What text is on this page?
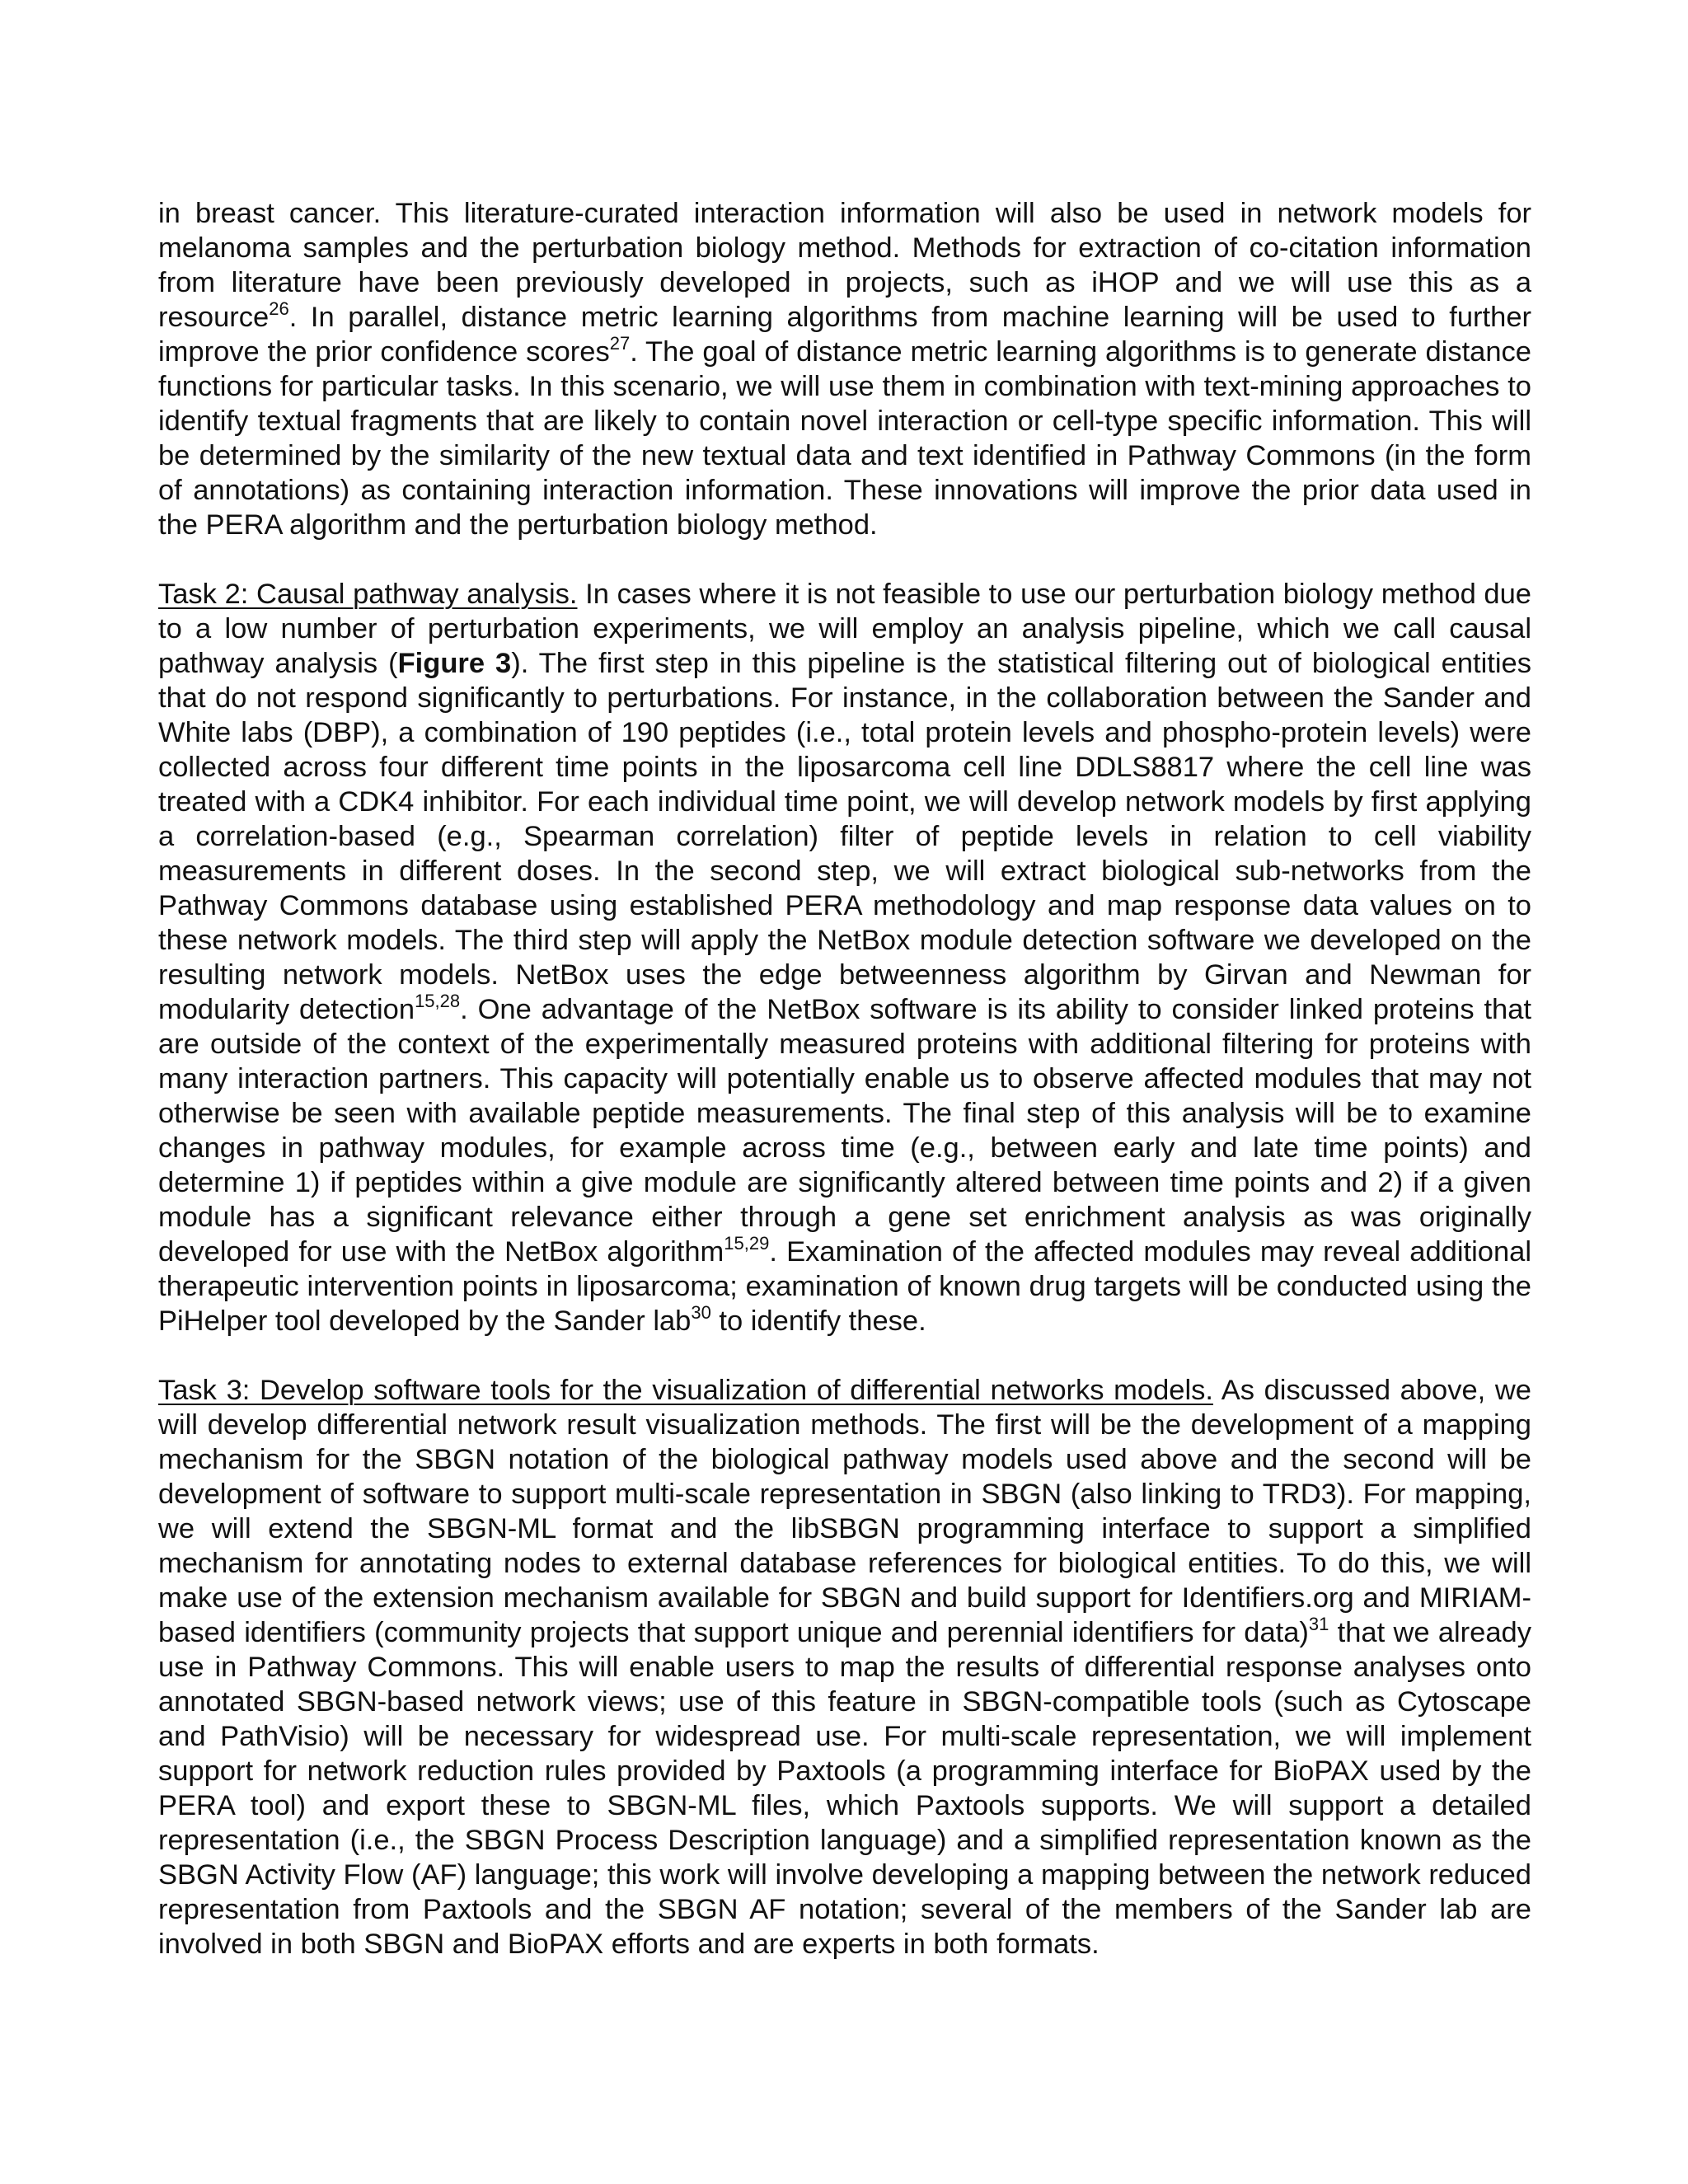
in breast cancer. This literature-curated interaction information will also be used in network models for melanoma samples and the perturbation biology method. Methods for extraction of co-citation information from literature have been previously developed in projects, such as iHOP and we will use this as a resource$^{26}$. In parallel, distance metric learning algorithms from machine learning will be used to further improve the prior confidence scores$^{27}$. The goal of distance metric learning algorithms is to generate distance functions for particular tasks. In this scenario, we will use them in combination with text-mining approaches to identify textual fragments that are likely to contain novel interaction or cell-type specific information. This will be determined by the similarity of the new textual data and text identified in Pathway Commons (in the form of annotations) as containing interaction information. These innovations will improve the prior data used in the PERA algorithm and the perturbation biology method.

Task 2: Causal pathway analysis. In cases where it is not feasible to use our perturbation biology method due to a low number of perturbation experiments, we will employ an analysis pipeline, which we call causal pathway analysis (Figure 3). The first step in this pipeline is the statistical filtering out of biological entities that do not respond significantly to perturbations. For instance, in the collaboration between the Sander and White labs (DBP), a combination of 190 peptides (i.e., total protein levels and phospho-protein levels) were collected across four different time points in the liposarcoma cell line DDLS8817 where the cell line was treated with a CDK4 inhibitor. For each individual time point, we will develop network models by first applying a correlation-based (e.g., Spearman correlation) filter of peptide levels in relation to cell viability measurements in different doses. In the second step, we will extract biological sub-networks from the Pathway Commons database using established PERA methodology and map response data values on to these network models. The third step will apply the NetBox module detection software we developed on the resulting network models. NetBox uses the edge betweenness algorithm by Girvan and Newman for modularity detection$^{15,28}$. One advantage of the NetBox software is its ability to consider linked proteins that are outside of the context of the experimentally measured proteins with additional filtering for proteins with many interaction partners. This capacity will potentially enable us to observe affected modules that may not otherwise be seen with available peptide measurements. The final step of this analysis will be to examine changes in pathway modules, for example across time (e.g., between early and late time points) and determine 1) if peptides within a give module are significantly altered between time points and 2) if a given module has a significant relevance either through a gene set enrichment analysis as was originally developed for use with the NetBox algorithm$^{15,29}$. Examination of the affected modules may reveal additional therapeutic intervention points in liposarcoma; examination of known drug targets will be conducted using the PiHelper tool developed by the Sander lab$^{30}$ to identify these.

Task 3: Develop software tools for the visualization of differential networks models. As discussed above, we will develop differential network result visualization methods. The first will be the development of a mapping mechanism for the SBGN notation of the biological pathway models used above and the second will be development of software to support multi-scale representation in SBGN (also linking to TRD3). For mapping, we will extend the SBGN-ML format and the libSBGN programming interface to support a simplified mechanism for annotating nodes to external database references for biological entities. To do this, we will make use of the extension mechanism available for SBGN and build support for Identifiers.org and MIRIAM-based identifiers (community projects that support unique and perennial identifiers for data)$^{31}$ that we already use in Pathway Commons. This will enable users to map the results of differential response analyses onto annotated SBGN-based network views; use of this feature in SBGN-compatible tools (such as Cytoscape and PathVisio) will be necessary for widespread use. For multi-scale representation, we will implement support for network reduction rules provided by Paxtools (a programming interface for BioPAX used by the PERA tool) and export these to SBGN-ML files, which Paxtools supports. We will support a detailed representation (i.e., the SBGN Process Description language) and a simplified representation known as the SBGN Activity Flow (AF) language; this work will involve developing a mapping between the network reduced representation from Paxtools and the SBGN AF notation; several of the members of the Sander lab are involved in both SBGN and BioPAX efforts and are experts in both formats.
